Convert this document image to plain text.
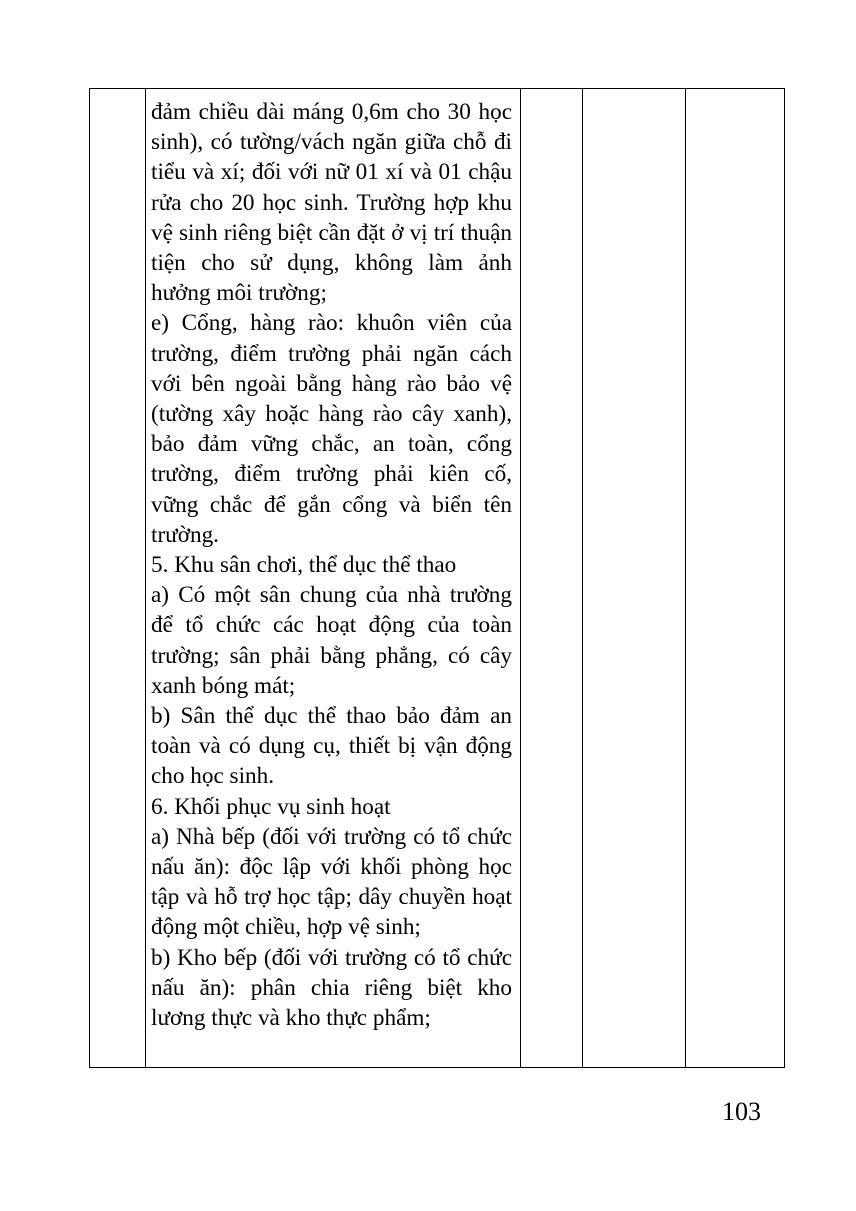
đảm chiều dài máng 0,6m cho 30 học sinh), có tường/vách ngăn giữa chỗ đi tiểu và xí; đối với nữ 01 xí và 01 chậu rửa cho 20 học sinh. Trường hợp khu vệ sinh riêng biệt cần đặt ở vị trí thuận tiện cho sử dụng, không làm ảnh hưởng môi trường;

e) Cổng, hàng rào: khuôn viên của trường, điểm trường phải ngăn cách với bên ngoài bằng hàng rào bảo vệ (tường xây hoặc hàng rào cây xanh), bảo đảm vững chắc, an toàn, cổng trường, điểm trường phải kiên cố, vững chắc để gắn cổng và biển tên trường.

5. Khu sân chơi, thể dục thể thao

a) Có một sân chung của nhà trường để tổ chức các hoạt động của toàn trường; sân phải bằng phẳng, có cây xanh bóng mát;

b) Sân thể dục thể thao bảo đảm an toàn và có dụng cụ, thiết bị vận động cho học sinh.

6. Khối phục vụ sinh hoạt

a) Nhà bếp (đối với trường có tổ chức nấu ăn): độc lập với khối phòng học tập và hỗ trợ học tập; dây chuyền hoạt động một chiều, hợp vệ sinh;

b) Kho bếp (đối với trường có tổ chức nấu ăn): phân chia riêng biệt kho lương thực và kho thực phẩm;

103
